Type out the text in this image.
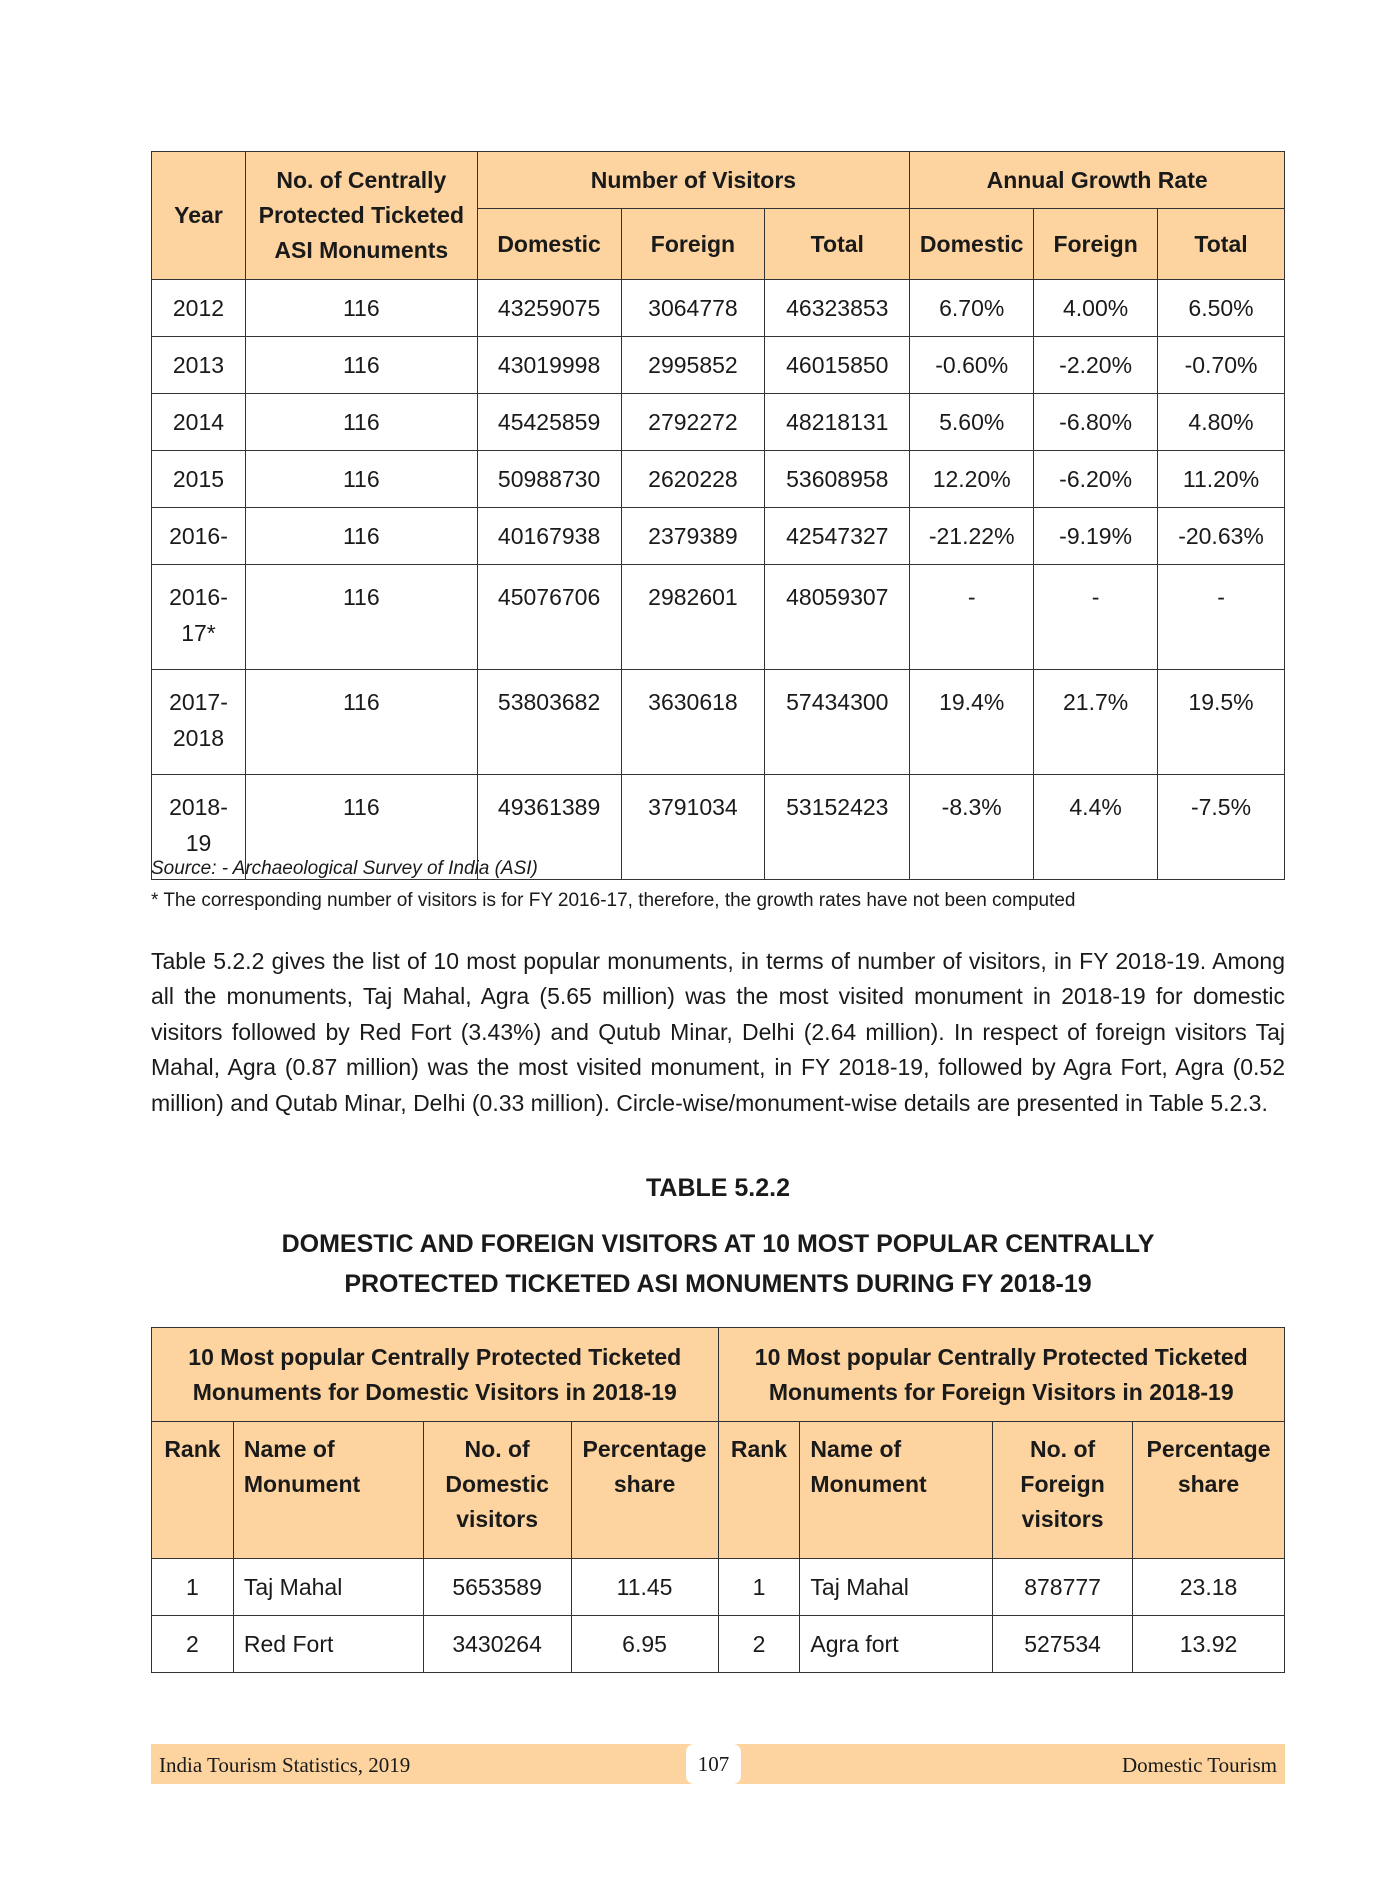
Year	No. of Centrally Protected Ticketed ASI Monuments	Number of Visitors			Annual Growth Rate		
		Domestic	Foreign	Total	Domestic	Foreign	Total
2012	116	43259075	3064778	46323853	6.70%	4.00%	6.50%
2013	116	43019998	2995852	46015850	-0.60%	-2.20%	-0.70%
2014	116	45425859	2792272	48218131	5.60%	-6.80%	4.80%
2015	116	50988730	2620228	53608958	12.20%	-6.20%	11.20%
2016-	116	40167938	2379389	42547327	-21.22%	-9.19%	-20.63%
2016-17*	116	45076706	2982601	48059307	-	-	-
2017-2018	116	53803682	3630618	57434300	19.4%	21.7%	19.5%
2018-19	116	49361389	3791034	53152423	-8.3%	4.4%	-7.5%
Source: - Archaeological Survey of India (ASI)
* The corresponding number of visitors is for FY 2016-17, therefore, the growth rates have not been computed
Table 5.2.2 gives the list of 10 most popular monuments, in terms of number of visitors, in FY 2018-19. Among all the monuments, Taj Mahal, Agra (5.65 million) was the most visited monument in 2018-19 for domestic visitors followed by Red Fort (3.43%) and Qutub Minar, Delhi (2.64 million). In respect of foreign visitors Taj Mahal, Agra (0.87 million) was the most visited monument, in FY 2018-19, followed by Agra Fort, Agra (0.52 million) and Qutab Minar, Delhi (0.33 million). Circle-wise/monument-wise details are presented in Table 5.2.3.
TABLE 5.2.2
DOMESTIC AND FOREIGN VISITORS AT 10 MOST POPULAR CENTRALLY
PROTECTED TICKETED ASI MONUMENTS DURING FY 2018-19
10 Most popular Centrally Protected Ticketed Monuments for Domestic Visitors in 2018-19				10 Most popular Centrally Protected Ticketed Monuments for Foreign Visitors in 2018-19			
Rank	Name of Monument	No. of Domestic visitors	Percentage share	Rank	Name of Monument	No. of Foreign visitors	Percentage share
1	Taj Mahal	5653589	11.45	1	Taj Mahal	878777	23.18
2	Red Fort	3430264	6.95	2	Agra fort	527534	13.92
India Tourism Statistics, 2019	107	Domestic Tourism
